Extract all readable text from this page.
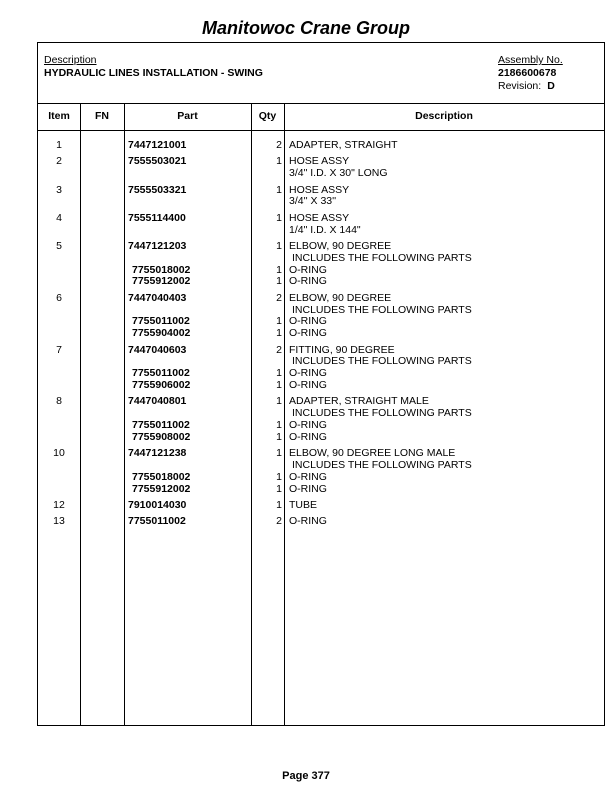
Manitowoc Crane Group
Description
HYDRAULIC LINES INSTALLATION - SWING
Assembly No.
2186600678
Revision: D
Item	FN	Part	Qty	Description
1	7447121001	2 ADAPTER, STRAIGHT
2	7555503021	1 HOSE ASSY
3/4" I.D. X 30" LONG
3	7555503321	1 HOSE ASSY
3/4'' X 33''
4	7555114400	1 HOSE ASSY
1/4" I.D. X 144"
5	7447121203	1 ELBOW, 90 DEGREE
INCLUDES THE FOLLOWING PARTS
7755018002	1 O-RING
7755912002	1 O-RING
6	7447040403	2 ELBOW, 90 DEGREE
INCLUDES THE FOLLOWING PARTS
7755011002	1 O-RING
7755904002	1 O-RING
7	7447040603	2 FITTING, 90 DEGREE
INCLUDES THE FOLLOWING PARTS
7755011002	1 O-RING
7755906002	1 O-RING
8	7447040801	1 ADAPTER, STRAIGHT MALE
INCLUDES THE FOLLOWING PARTS
7755011002	1 O-RING
7755908002	1 O-RING
10	7447121238	1 ELBOW, 90 DEGREE LONG MALE
INCLUDES THE FOLLOWING PARTS
7755018002	1 O-RING
7755912002	1 O-RING
12	7910014030	1 TUBE
13	7755011002	2 O-RING
Page 377
